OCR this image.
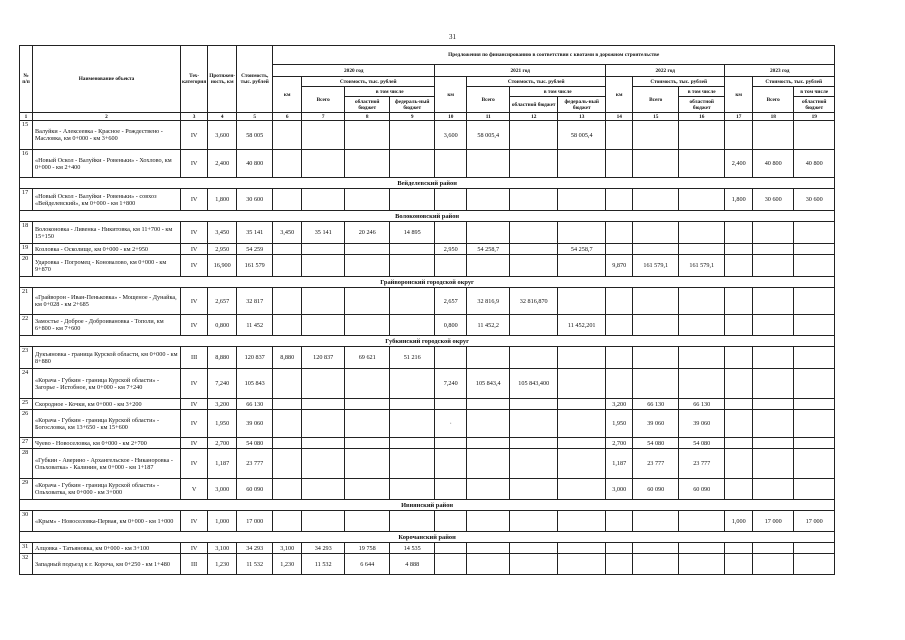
31
№ п/п	Наименование объекта	Тех-категория	Протяжен-ность, км	Стоимость, тыс. рублей	Предложения по финансированию в соответствии с квотами в дорожном строительстве													
					2020 год				2021 год				2022 год			2023 год		
					км	Стоимость, тыс. рублей			км	Стоимость, тыс. рублей			км	Стоимость, тыс. рублей		км	Стоимость, тыс. рублей	
						Всего	в том числе			Всего	в том числе			Всего	в том числе		Всего	в том числе
							областной бюджет	федераль-ный бюджет			областной бюджет	федераль-ный бюджет			областной бюджет			областной бюджет
1	2	3	4	5	6	7	8	9	10	11	12	13	14	15	16	17	18	19
15	Валуйки - Алексеевка - Красное - Рождествено - Масловка, км 0+000 - км 3+600	IV	3,600	58 005					3,600	58 005,4		58 005,4						
16	«Новый Оскол - Валуйки - Ровеньки» - Хохлово, км 0+000 - км 2+400	IV	2,400	40 800												2,400	40 800	40 800
Вейделевский район																		
17	«Новый Оскол - Валуйки - Ровеньки» - совхоз «Вейделевский», км 0+000 - км 1+800	IV	1,800	30 600												1,800	30 600	30 600
Волоконовский район																		
18	Волоконовка - Ливенка - Никитовка, км 11+700 - км 15+150	IV	3,450	35 141	3,450	35 141	20 246	14 895										
19	Козловка - Осколище, км 0+000 - км 2+950	IV	2,950	54 259					2,950	54 258,7		54 258,7						
20	Ударовка - Погромец - Коновалово, км 0+000 - км 9+870	IV	16,900	161 579									9,870	161 579,1	161 579,1			
Грайворонский городской округ																		
21	«Грайворон - Иван-Пеньковка» - Мощеное - Дунайка, км 0+028 - км 2+685	IV	2,657	32 817					2,657	32 816,9	32 816,870							
22	Замостье - Доброе - Доброивановка - Тополи, км 6+800 - км 7+600	IV	0,800	11 452					0,800	11 452,2		11 452,201						
Губкинский городской округ																		
23	Дукъяновка - граница Курской области, км 0+000 - км 8+880	III	8,880	120 837	8,880	120 837	69 621	51 216										
24	«Корача - Губкин - граница Курской области» - Загорье - Истобное, км 0+000 - км 7+240	IV	7,240	105 843					7,240	105 843,4	105 843,400							
25	Скородное - Кочки, км 0+000 - км 3+200	IV	3,200	66 130									3,200	66 130	66 130			
26	«Корача - Губкин - граница Курской области» - Богословка, км 13+650 - км 15+600	IV	1,950	39 060					·				1,950	39 060	39 060			
27	Чуево - Новоселовка, км 0+000 - км 2+700	IV	2,700	54 080									2,700	54 080	54 080			
28	«Губкин - Аверино - Архангельское - Никаноровка - Ольховатка» - Калинин, км 0+000 - км 1+187	IV	1,187	23 777									1,187	23 777	23 777			
29	«Корача - Губкин - граница Курской области» - Ольховатка, км 0+000 - км 3+000	V	3,000	60 090									3,000	60 090	60 090			
Ивнянский район																		
30	«Крым» - Новоселовка-Первая, км 0+000 - км 1+000	IV	1,000	17 000												1,000	17 000	17 000
Корочанский район																		
31	Алцовка - Татьяновка, км 0+000 - км 3+100	IV	3,100	34 293	3,100	34 293	19 758	14 535										
32	Западный подъезд к г. Короча, км 0+250 - км 1+480	III	1,230	11 532	1,230	11 532	6 644	4 888										
